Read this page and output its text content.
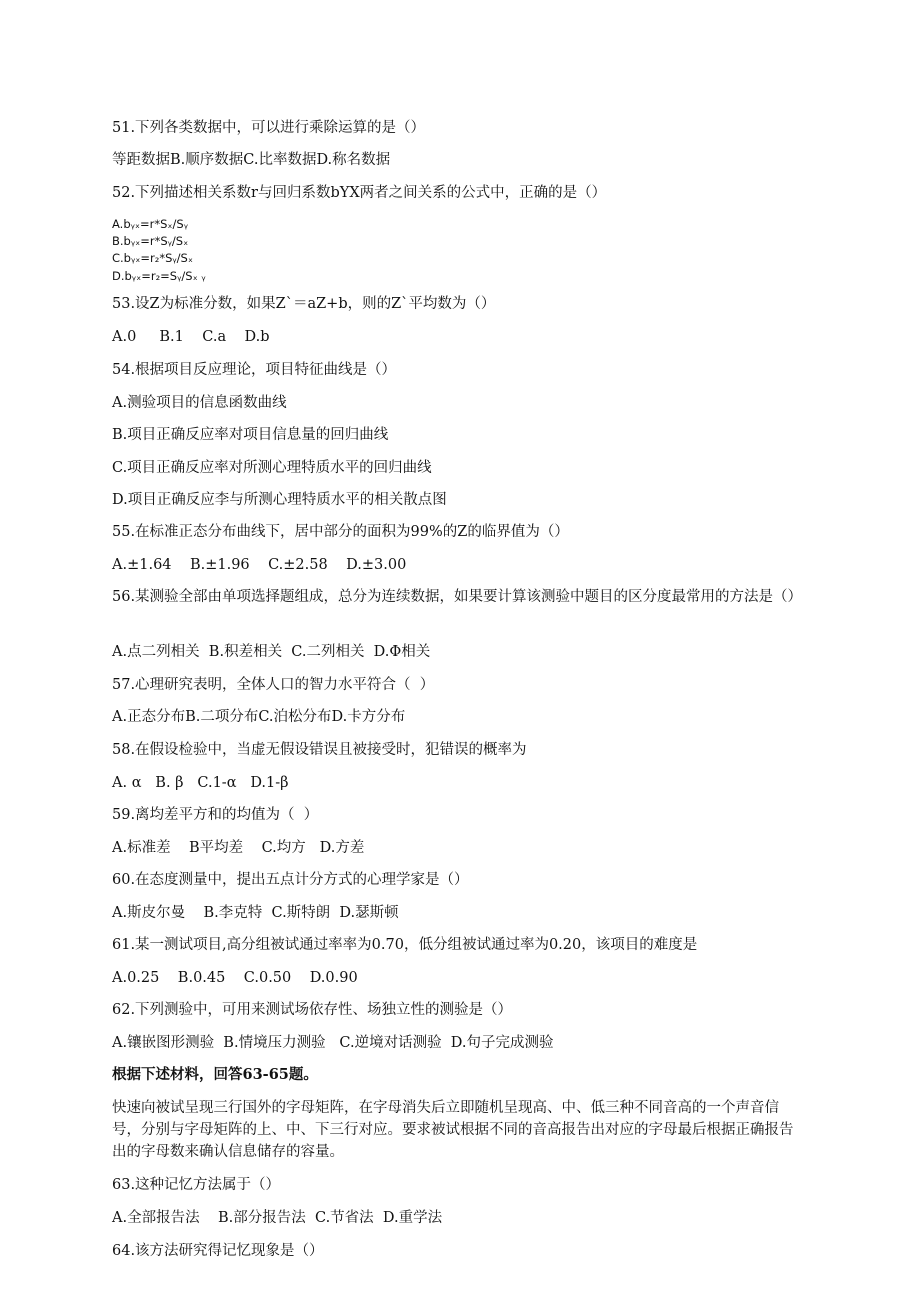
51.下列各类数据中，可以进行乘除运算的是（）
等距数据B.顺序数据C.比率数据D.称名数据
52.下列描述相关系数r与回归系数bYX两者之间关系的公式中，正确的是（）
A.bᵧₓ=r*Sₓ/Sᵧ
B.bᵧₓ=r*Sᵧ/Sₓ
C.bᵧₓ=r₂*Sᵧ/Sₓ
D.bᵧₓ=r₂=Sᵧ/Sₓ ᵧ
53.设Z为标准分数，如果Z`＝aZ+b，则的Z`平均数为（）
A.0     B.1    C.a    D.b
54.根据项目反应理论，项目特征曲线是（）
A.测验项目的信息函数曲线
B.项目正确反应率对项目信息量的回归曲线
C.项目正确反应率对所测心理特质水平的回归曲线
D.项目正确反应李与所测心理特质水平的相关散点图
55.在标准正态分布曲线下，居中部分的面积为99%的Z的临界值为（）
A.±1.64    B.±1.96    C.±2.58    D.±3.00
56.某测验全部由单项选择题组成，总分为连续数据，如果要计算该测验中题目的区分度最常用的方法是（）
A.点二列相关  B.积差相关  C.二列相关  D.Φ相关
57.心理研究表明，全体人口的智力水平符合（  ）
A.正态分布B.二项分布C.泊松分布D.卡方分布
58.在假设检验中，当虚无假设错误且被接受时，犯错误的概率为
A. α   B. β   C.1-α   D.1-β
59.离均差平方和的均值为（  ）
A.标准差    B平均差    C.均方   D.方差
60.在态度测量中，提出五点计分方式的心理学家是（）
A.斯皮尔曼    B.李克特  C.斯特朗  D.瑟斯顿
61.某一测试项目,高分组被试通过率率为0.70，低分组被试通过率为0.20，该项目的难度是
A.0.25    B.0.45    C.0.50    D.0.90
62.下列测验中，可用来测试场依存性、场独立性的测验是（）
A.镶嵌图形测验  B.情境压力测验   C.逆境对话测验  D.句子完成测验
根据下述材料，回答63-65题。
快速向被试呈现三行国外的字母矩阵，在字母消失后立即随机呈现高、中、低三种不同音高的一个声音信号，分别与字母矩阵的上、中、下三行对应。要求被试根据不同的音高报告出对应的字母最后根据正确报告出的字母数来确认信息储存的容量。
63.这种记忆方法属于（）
A.全部报告法    B.部分报告法  C.节省法  D.重学法
64.该方法研究得记忆现象是（）
